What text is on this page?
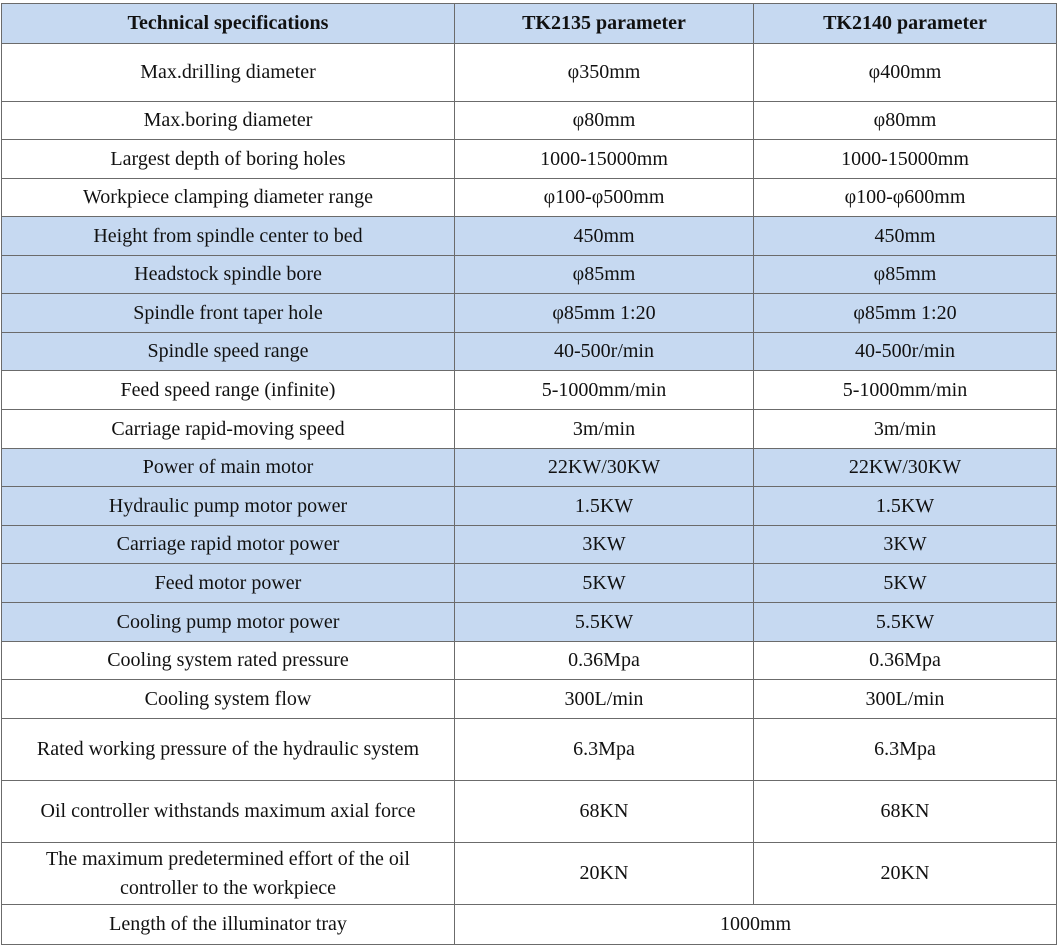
Technical specifications	TK2135 parameter	TK2140 parameter
Max.drilling diameter	φ350mm	φ400mm
Max.boring diameter	φ80mm	φ80mm
Largest depth of boring holes	1000-15000mm	1000-15000mm
Workpiece clamping diameter range	φ100-φ500mm	φ100-φ600mm
Height from spindle center to bed	450mm	450mm
Headstock spindle bore	φ85mm	φ85mm
Spindle front taper hole	φ85mm 1:20	φ85mm 1:20
Spindle speed range	40-500r/min	40-500r/min
Feed speed range (infinite)	5-1000mm/min	5-1000mm/min
Carriage rapid-moving speed	3m/min	3m/min
Power of main motor	22KW/30KW	22KW/30KW
Hydraulic pump motor power	1.5KW	1.5KW
Carriage rapid motor power	3KW	3KW
Feed motor power	5KW	5KW
Cooling pump motor power	5.5KW	5.5KW
Cooling system rated pressure	0.36Mpa	0.36Mpa
Cooling system flow	300L/min	300L/min
Rated working pressure of the hydraulic system	6.3Mpa	6.3Mpa
Oil controller withstands maximum axial force	68KN	68KN
The maximum predetermined effort of the oil controller to the workpiece	20KN	20KN
Length of the illuminator tray	1000mm	
